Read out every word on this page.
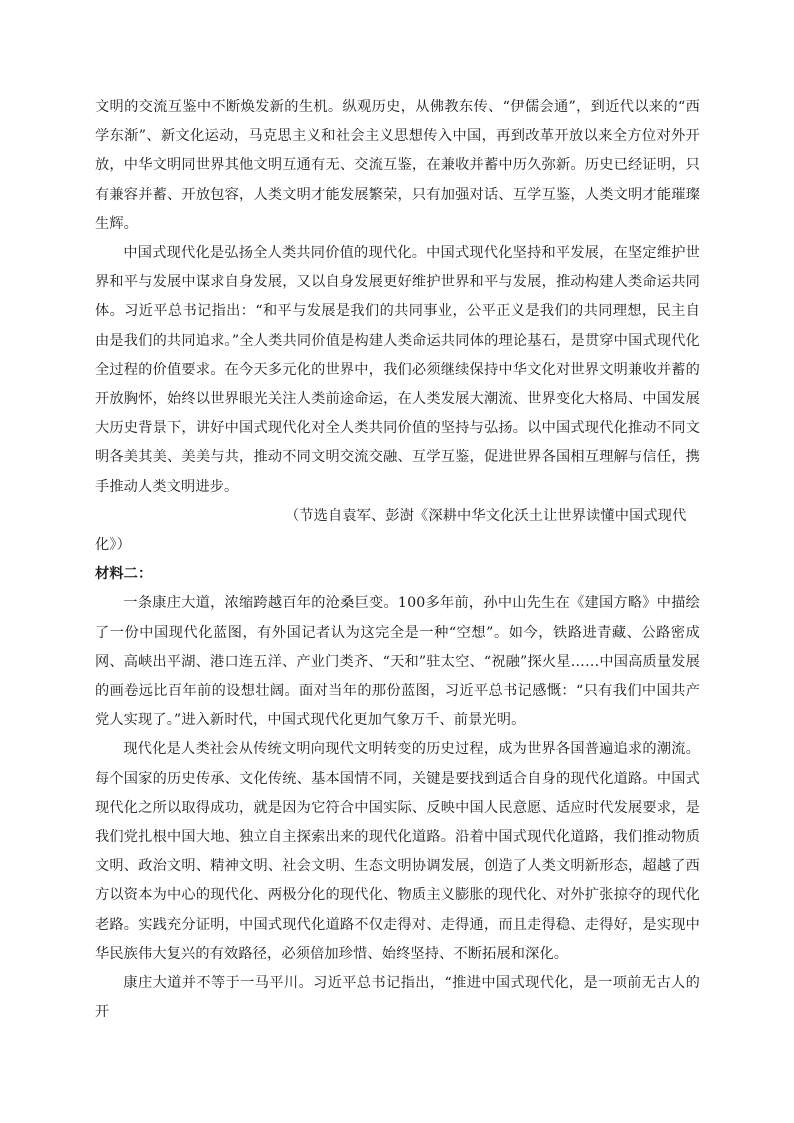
文明的交流互鉴中不断焕发新的生机。纵观历史，从佛教东传、“伊儒会通”，到近代以来的“西学东渐”、新文化运动，马克思主义和社会主义思想传入中国，再到改革开放以来全方位对外开放，中华文明同世界其他文明互通有无、交流互鉴，在兼收并蓄中历久弥新。历史已经证明，只有兼容并蓄、开放包容，人类文明才能发展繁荣，只有加强对话、互学互鉴，人类文明才能璀璨生辉。

中国式现代化是弘扬全人类共同价值的现代化。中国式现代化坚持和平发展，在坚定维护世界和平与发展中谋求自身发展，又以自身发展更好维护世界和平与发展，推动构建人类命运共同体。习近平总书记指出：“和平与发展是我们的共同事业，公平正义是我们的共同理想，民主自由是我们的共同追求。”全人类共同价值是构建人类命运共同体的理论基石，是贯穿中国式现代化全过程的价值要求。在今天多元化的世界中，我们必须继续保持中华文化对世界文明兼收并蓄的开放胸怀，始终以世界眼光关注人类前途命运，在人类发展大潮流、世界变化大格局、中国发展大历史背景下，讲好中国式现代化对全人类共同价值的坚持与弘扬。以中国式现代化推动不同文明各美其美、美美与共，推动不同文明交流交融、互学互鉴，促进世界各国相互理解与信任，携手推动人类文明进步。

（节选自袁军、彭澍《深耕中华文化沃土让世界读懂中国式现代

化》）

材料二：

一条康庄大道，浓缩跨越百年的沧桑巨变。100多年前，孙中山先生在《建国方略》中描绘了一份中国现代化蓝图，有外国记者认为这完全是一种“空想”。如今，铁路进青藏、公路密成网、高峡出平湖、港口连五洋、产业门类齐、“天和”驻太空、“祝融”探火星……中国高质量发展的画卷远比百年前的设想壮阔。面对当年的那份蓝图，习近平总书记感慨：“只有我们中国共产党人实现了。”进入新时代，中国式现代化更加气象万千、前景光明。

现代化是人类社会从传统文明向现代文明转变的历史过程，成为世界各国普遍追求的潮流。每个国家的历史传承、文化传统、基本国情不同，关键是要找到适合自身的现代化道路。中国式现代化之所以取得成功，就是因为它符合中国实际、反映中国人民意愿、适应时代发展要求，是我们党扎根中国大地、独立自主探索出来的现代化道路。沿着中国式现代化道路，我们推动物质文明、政治文明、精神文明、社会文明、生态文明协调发展，创造了人类文明新形态，超越了西方以资本为中心的现代化、两极分化的现代化、物质主义膨胀的现代化、对外扩张掠夺的现代化老路。实践充分证明，中国式现代化道路不仅走得对、走得通，而且走得稳、走得好，是实现中华民族伟大复兴的有效路径，必须倍加珍惜、始终坚持、不断拓展和深化。

康庄大道并不等于一马平川。习近平总书记指出，“推进中国式现代化，是一项前无古人的开
